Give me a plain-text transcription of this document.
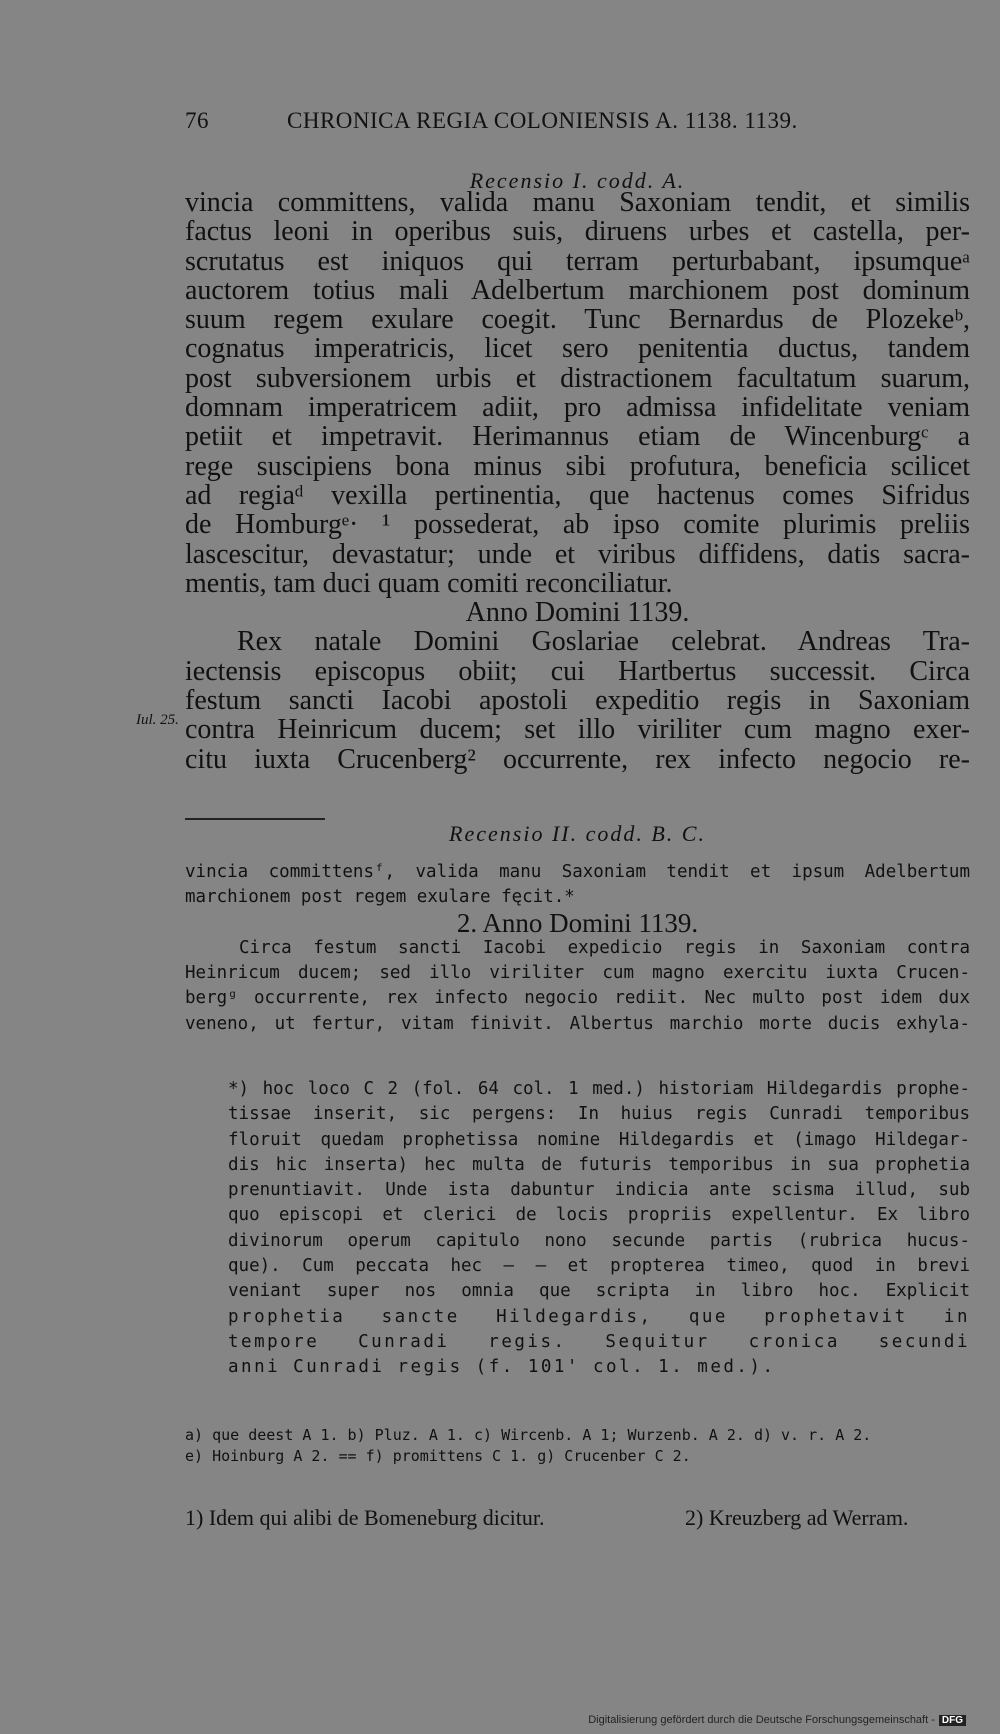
76	CHRONICA REGIA COLONIENSIS A. 1138. 1139.
Recensio I. codd. A.
vincia committens, valida manu Saxoniam tendit, et similis
factus leoni in operibus suis, diruens urbes et castella, per-
scrutatus est iniquos qui terram perturbabant, ipsumqueᵃ
auctorem totius mali Adelbertum marchionem post dominum
suum regem exulare coegit. Tunc Bernardus de Plozekeᵇ,
cognatus imperatricis, licet sero penitentia ductus, tandem
post subversionem urbis et distractionem facultatum suarum,
domnam imperatricem adiit, pro admissa infidelitate veniam
petiit et impetravit. Herimannus etiam de Wincenburgᶜ a
rege suscipiens bona minus sibi profutura, beneficia scilicet
ad regiaᵈ vexilla pertinentia, que hactenus comes Sifridus
de Homburgᵉ· ¹ possederat, ab ipso comite plurimis preliis
lascescitur, devastatur; unde et viribus diffidens, datis sacra-
mentis, tam duci quam comiti reconciliatur.
Anno Domini 1139.
Rex natale Domini Goslariae celebrat. Andreas Tra-
iectensis episcopus obiit; cui Hartbertus successit. Circa
festum sancti Iacobi apostoli expeditio regis in Saxoniam
contra Heinricum ducem; set illo viriliter cum magno exer-
citu iuxta Crucenberg² occurrente, rex infecto negocio re-
Iul. 25.
Recensio II. codd. B. C.
vincia committensᶠ, valida manu Saxoniam tendit et ipsum Adelbertum
marchionem post regem exulare fęcit.*
2. Anno Domini 1139.
Circa festum sancti Iacobi expedicio regis in Saxoniam contra
Heinricum ducem; sed illo viriliter cum magno exercitu iuxta Crucen-
bergᵍ occurrente, rex infecto negocio rediit. Nec multo post idem dux
veneno, ut fertur, vitam finivit. Albertus marchio morte ducis exhyla-
*) hoc loco C 2 (fol. 64 col. 1 med.) historiam Hildegardis prophe-
tissae inserit, sic pergens: In huius regis Cunradi temporibus
floruit quedam prophetissa nomine Hildegardis et (imago Hildegar-
dis hic inserta) hec multa de futuris temporibus in sua prophetia
prenuntiavit. Unde ista dabuntur indicia ante scisma illud, sub
quo episcopi et clerici de locis propriis expellentur. Ex libro
divinorum operum capitulo nono secunde partis (rubrica hucus-
que). Cum peccata hec — — et propterea timeo, quod in brevi
veniant super nos omnia que scripta in libro hoc. Explicit
prophetia sancte Hildegardis, que prophetavit in
tempore Cunradi regis. Sequitur cronica secundi
anni Cunradi regis (f. 101' col. 1. med.).
a) que deest A 1. b) Pluz. A 1. c) Wircenb. A 1; Wurzenb. A 2. d) v. r. A 2.
e) Hoinburg A 2. == f) promittens C 1. g) Crucenber C 2.
1) Idem qui alibi de Bomeneburg dicitur.	2) Kreuzberg ad Werram.
Digitalisierung gefördert durch die Deutsche Forschungsgemeinschaft - DFG
